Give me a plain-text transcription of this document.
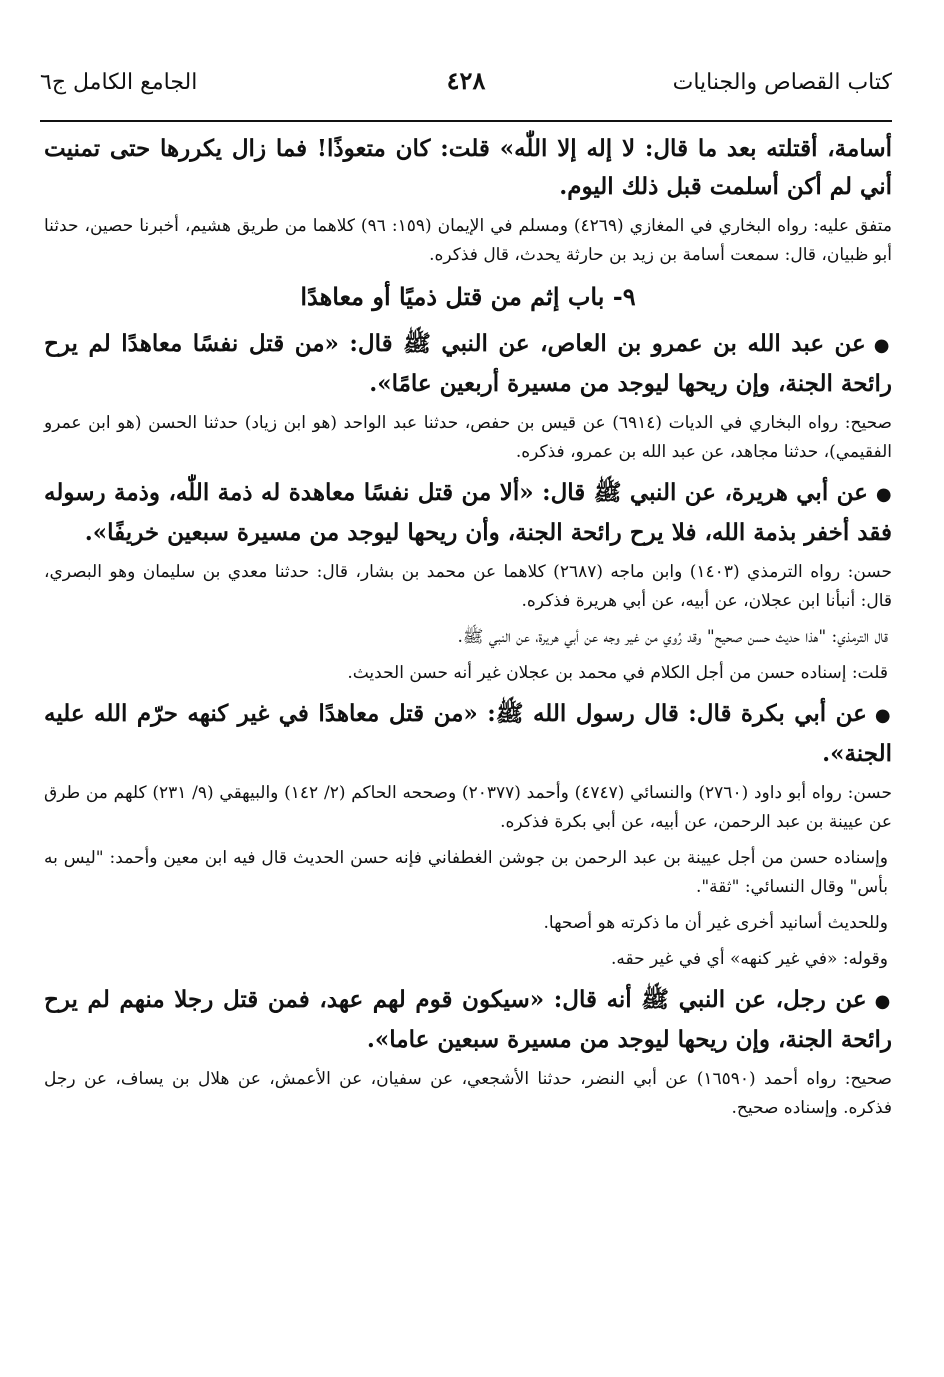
كتاب القصاص والجنايات
٤٢٨
الجامع الكامل ج٦

أسامة، أقتلته بعد ما قال: لا إله إلا اللّٰه» قلت: كان متعوذًا! فما زال يكررها حتى تمنيت أني لم أكن أسلمت قبل ذلك اليوم.

متفق عليه: رواه البخاري في المغازي (٤٢٦٩) ومسلم في الإيمان (١٥٩: ٩٦) كلاهما من طريق هشيم، أخبرنا حصين، حدثنا أبو ظبيان، قال: سمعت أسامة بن زيد بن حارثة يحدث، قال فذكره.

٩- باب إثم من قتل ذميًا أو معاهدًا

●عن عبد الله بن عمرو بن العاص، عن النبي ﷺ قال: «من قتل نفسًا معاهدًا لم يرح رائحة الجنة، وإن ريحها ليوجد من مسيرة أربعين عامًا».

صحيح: رواه البخاري في الديات (٦٩١٤) عن قيس بن حفص، حدثنا عبد الواحد (هو ابن زياد) حدثنا الحسن (هو ابن عمرو الفقيمي)، حدثنا مجاهد، عن عبد الله بن عمرو، فذكره.

●عن أبي هريرة، عن النبي ﷺ قال: «ألا من قتل نفسًا معاهدة له ذمة اللّٰه، وذمة رسوله فقد أخفر بذمة الله، فلا يرح رائحة الجنة، وأن ريحها ليوجد من مسيرة سبعين خريفًا».

حسن: رواه الترمذي (١٤٠٣) وابن ماجه (٢٦٨٧) كلاهما عن محمد بن بشار، قال: حدثنا معدي بن سليمان وهو البصري، قال: أنبأنا ابن عجلان، عن أبيه، عن أبي هريرة فذكره.

قال الترمذي: "هذا حديث حسن صحيح" وقد رُوي من غير وجه عن أبي هريرة، عن النبي ﷺ.

قلت: إسناده حسن من أجل الكلام في محمد بن عجلان غير أنه حسن الحديث.

●عن أبي بكرة قال: قال رسول الله ﷺ: «من قتل معاهدًا في غير كنهه حرّم الله عليه الجنة».

حسن: رواه أبو داود (٢٧٦٠) والنسائي (٤٧٤٧) وأحمد (٢٠٣٧٧) وصححه الحاكم (٢/ ١٤٢) والبيهقي (٩/ ٢٣١) كلهم من طرق عن عيينة بن عبد الرحمن، عن أبيه، عن أبي بكرة فذكره.

وإسناده حسن من أجل عيينة بن عبد الرحمن بن جوشن الغطفاني فإنه حسن الحديث قال فيه ابن معين وأحمد: "ليس به بأس" وقال النسائي: "ثقة".

وللحديث أسانيد أخرى غير أن ما ذكرته هو أصحها.

وقوله: «في غير كنهه» أي في غير حقه.

●عن رجل، عن النبي ﷺ أنه قال: «سيكون قوم لهم عهد، فمن قتل رجلا منهم لم يرح رائحة الجنة، وإن ريحها ليوجد من مسيرة سبعين عاما».

صحيح: رواه أحمد (١٦٥٩٠) عن أبي النضر، حدثنا الأشجعي، عن سفيان، عن الأعمش، عن هلال بن يساف، عن رجل فذكره. وإسناده صحيح.
